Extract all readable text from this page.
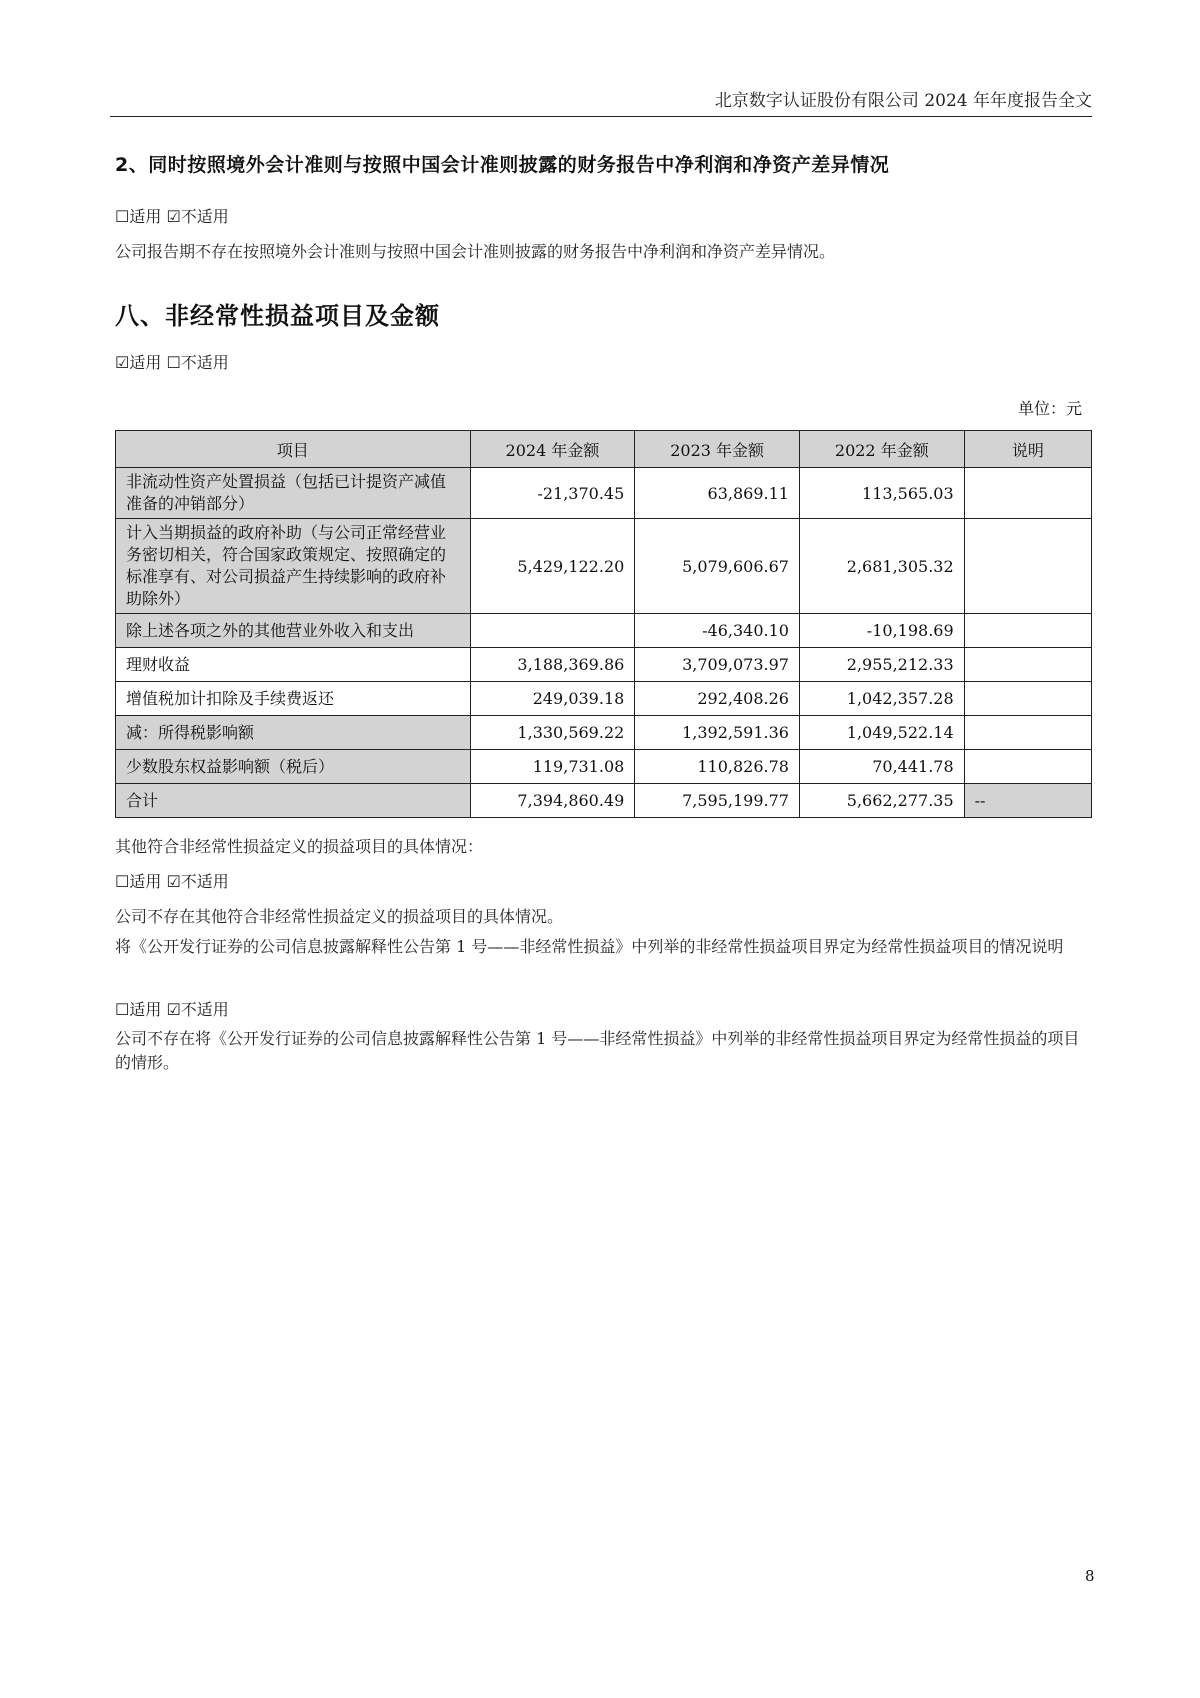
北京数字认证股份有限公司 2024 年年度报告全文
2、同时按照境外会计准则与按照中国会计准则披露的财务报告中净利润和净资产差异情况
☐适用 ☑不适用
公司报告期不存在按照境外会计准则与按照中国会计准则披露的财务报告中净利润和净资产差异情况。
八、非经常性损益项目及金额
☑适用 ☐不适用
单位：元
项目	2024 年金额	2023 年金额	2022 年金额	说明
非流动性资产处置损益（包括已计提资产减值准备的冲销部分）	-21,370.45	63,869.11	113,565.03	
计入当期损益的政府补助（与公司正常经营业务密切相关，符合国家政策规定、按照确定的标准享有、对公司损益产生持续影响的政府补助除外）	5,429,122.20	5,079,606.67	2,681,305.32	
除上述各项之外的其他营业外收入和支出		-46,340.10	-10,198.69	
理财收益	3,188,369.86	3,709,073.97	2,955,212.33	
增值税加计扣除及手续费返还	249,039.18	292,408.26	1,042,357.28	
减：所得税影响额	1,330,569.22	1,392,591.36	1,049,522.14	
少数股东权益影响额（税后）	119,731.08	110,826.78	70,441.78	
合计	7,394,860.49	7,595,199.77	5,662,277.35	--
其他符合非经常性损益定义的损益项目的具体情况：
☐适用 ☑不适用
公司不存在其他符合非经常性损益定义的损益项目的具体情况。
将《公开发行证券的公司信息披露解释性公告第 1 号——非经常性损益》中列举的非经常性损益项目界定为经常性损益项目的情况说明
☐适用 ☑不适用
公司不存在将《公开发行证券的公司信息披露解释性公告第 1 号——非经常性损益》中列举的非经常性损益项目界定为经常性损益的项目的情形。
8
